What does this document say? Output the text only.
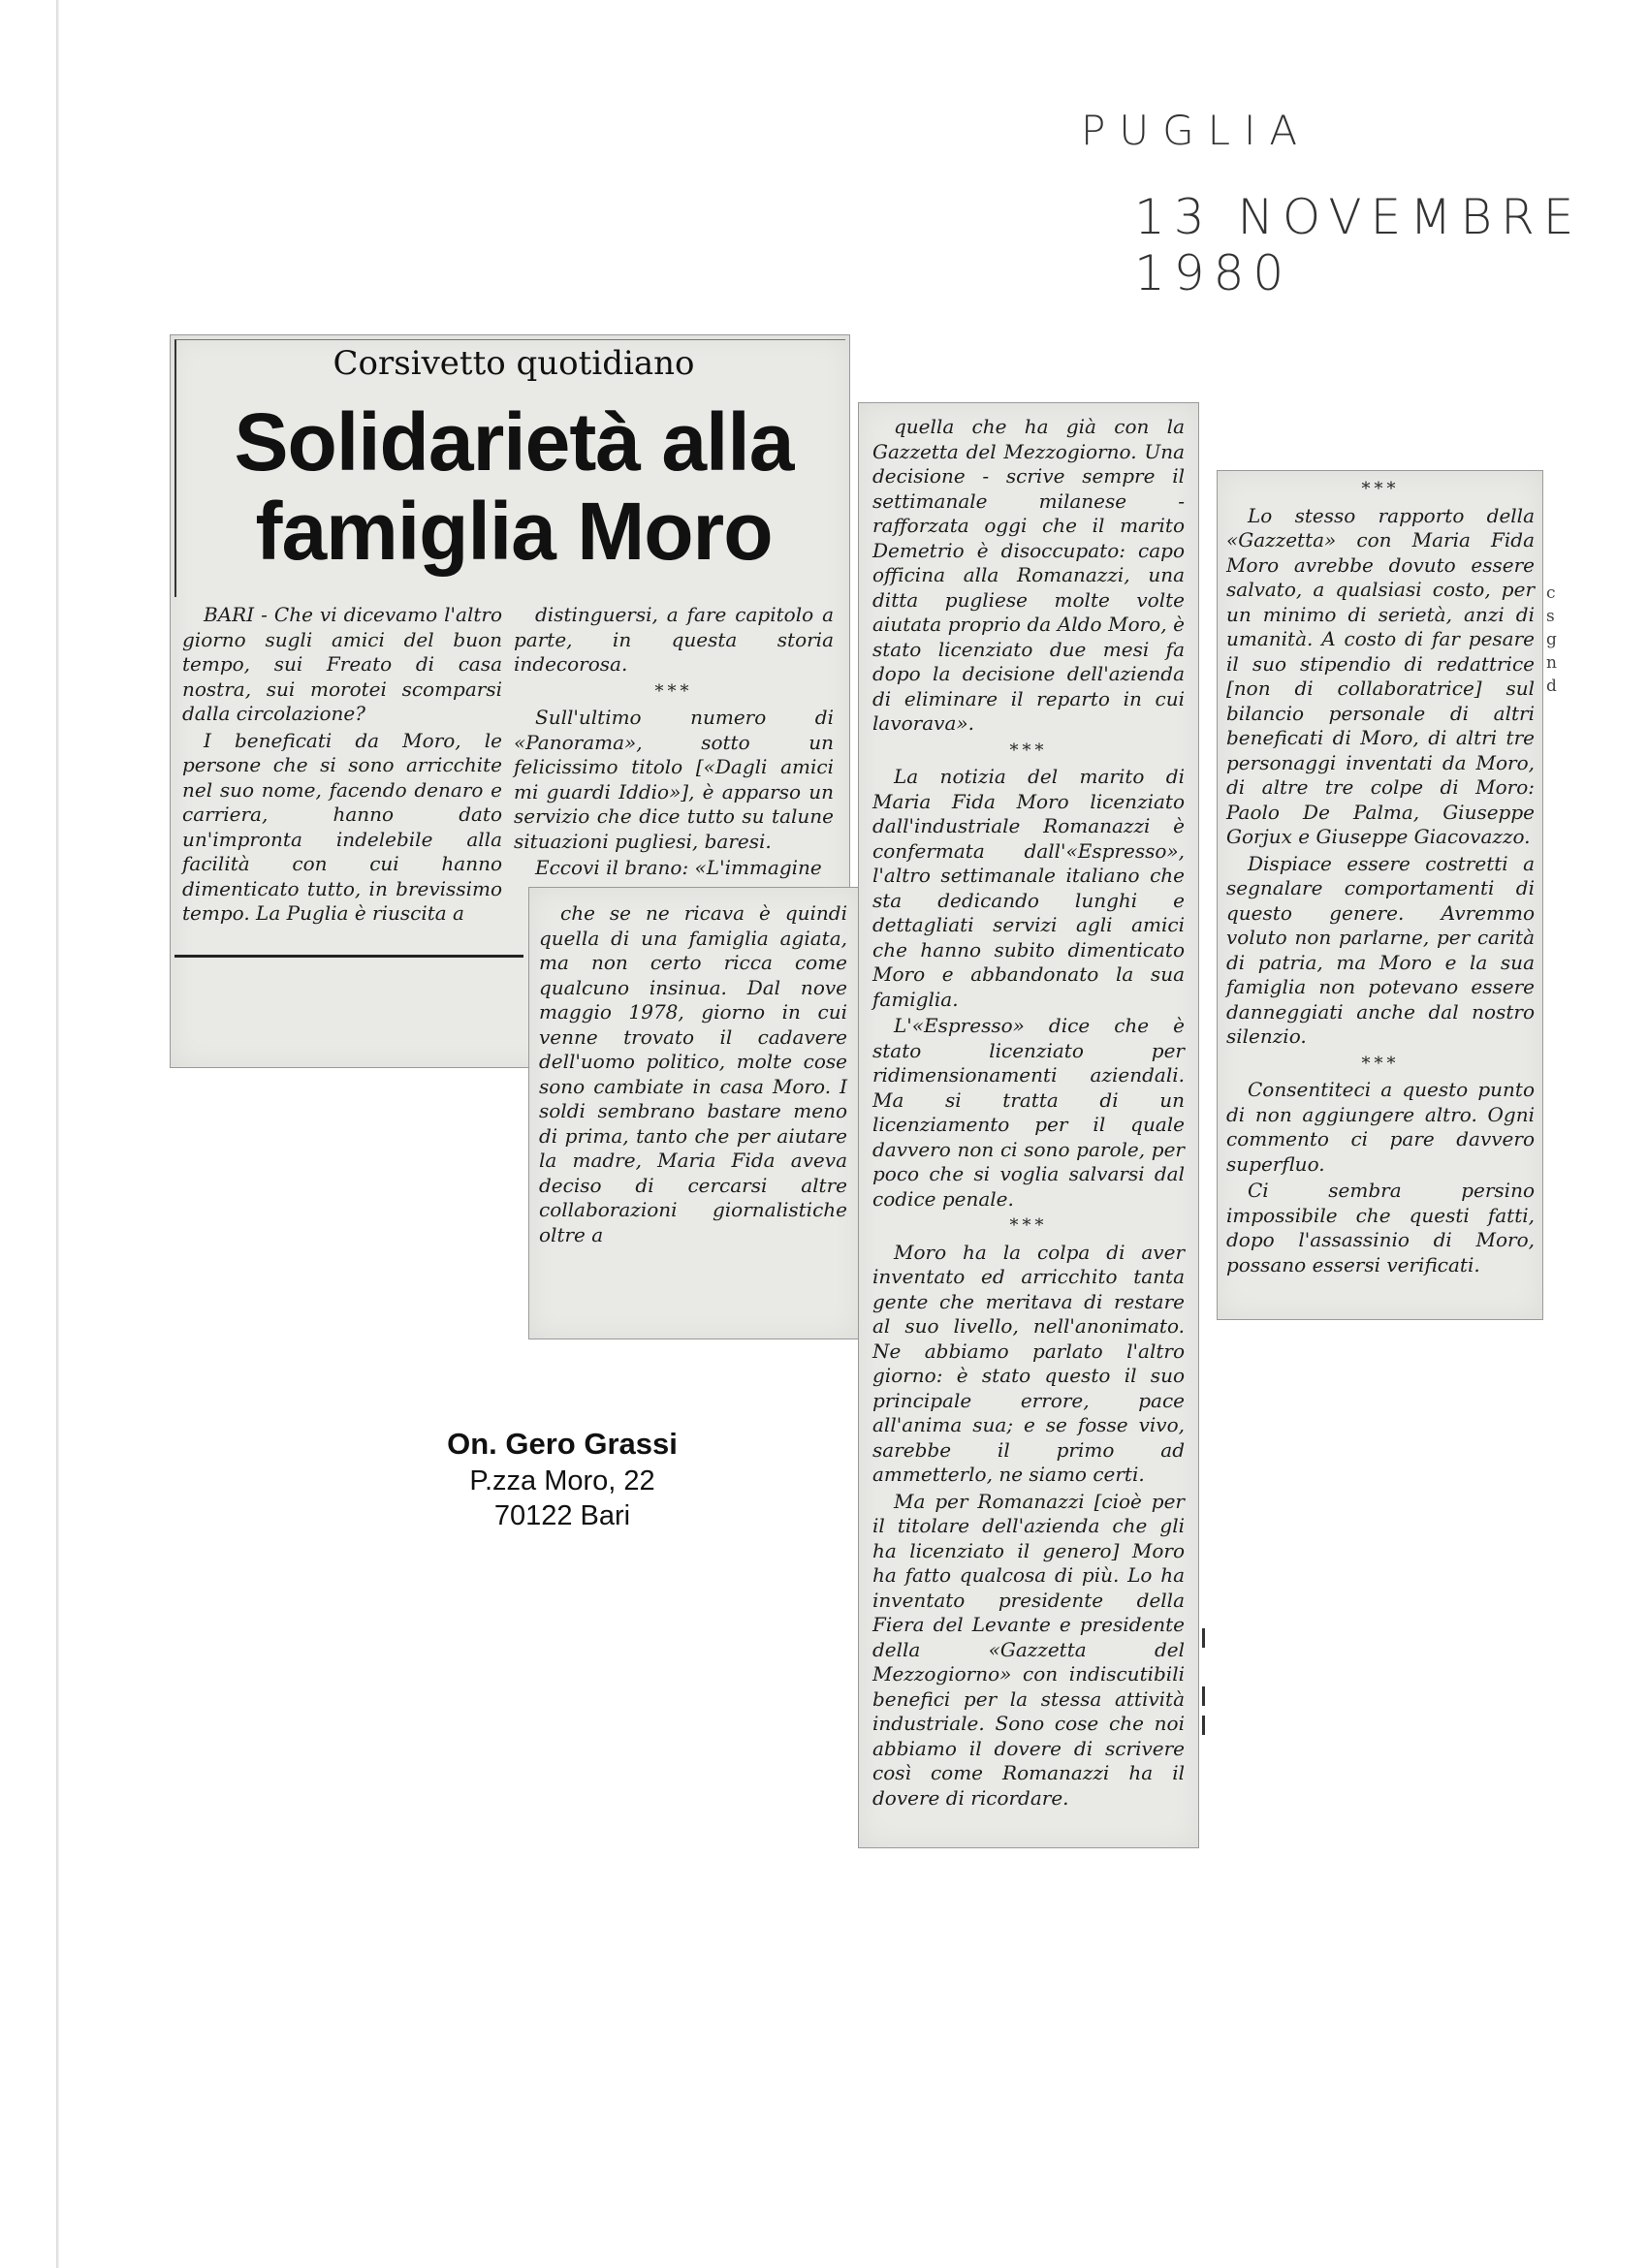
PUGLIA
13 NOVEMBRE 1980
Corsivetto quotidiano
Solidarietà alla
famiglia Moro

BARI - Che vi dicevamo l'altro giorno sugli amici del buon tempo, sui Freato di casa nostra, sui morotei scomparsi dalla circolazione?

I beneficati da Moro, le persone che si sono arricchite nel suo nome, facendo denaro e carriera, hanno dato un'impronta indelebile alla facilità con cui hanno dimenticato tutto, in brevissimo tempo. La Puglia è riuscita a

distinguersi, a fare capitolo a parte, in questa storia indecorosa.

***

Sull'ultimo numero di «Panorama», sotto un felicissimo titolo [«Dagli amici mi guardi Iddio»], è apparso un servizio che dice tutto su talune situazioni pugliesi, baresi.

Eccovi il brano: «L'immagine

che se ne ricava è quindi quella di una famiglia agiata, ma non certo ricca come qualcuno insinua. Dal nove maggio 1978, giorno in cui venne trovato il cadavere dell'uomo politico, molte cose sono cambiate in casa Moro. I soldi sembrano bastare meno di prima, tanto che per aiutare la madre, Maria Fida aveva deciso di cercarsi altre collaborazioni giornalistiche oltre a

quella che ha già con la Gazzetta del Mezzogiorno. Una decisione - scrive sempre il settimanale milanese - rafforzata oggi che il marito Demetrio è disoccupato: capo officina alla Romanazzi, una ditta pugliese molte volte aiutata proprio da Aldo Moro, è stato licenziato due mesi fa dopo la decisione dell'azienda di eliminare il reparto in cui lavorava».

***

La notizia del marito di Maria Fida Moro licenziato dall'industriale Romanazzi è confermata dall'«Espresso», l'altro settimanale italiano che sta dedicando lunghi e dettagliati servizi agli amici che hanno subito dimenticato Moro e abbandonato la sua famiglia.

L'«Espresso» dice che è stato licenziato per ridimensionamenti aziendali. Ma si tratta di un licenziamento per il quale davvero non ci sono parole, per poco che si voglia salvarsi dal codice penale.

***

Moro ha la colpa di aver inventato ed arricchito tanta gente che meritava di restare al suo livello, nell'anonimato. Ne abbiamo parlato l'altro giorno: è stato questo il suo principale errore, pace all'anima sua; e se fosse vivo, sarebbe il primo ad ammetterlo, ne siamo certi.

Ma per Romanazzi [cioè per il titolare dell'azienda che gli ha licenziato il genero] Moro ha fatto qualcosa di più. Lo ha inventato presidente della Fiera del Levante e presidente della «Gazzetta del Mezzogiorno» con indiscutibili benefici per la stessa attività industriale. Sono cose che noi abbiamo il dovere di scrivere così come Romanazzi ha il dovere di ricordare.

***

Lo stesso rapporto della «Gazzetta» con Maria Fida Moro avrebbe dovuto essere salvato, a qualsiasi costo, per un minimo di serietà, anzi di umanità. A costo di far pesare il suo stipendio di redattrice [non di collaboratrice] sul bilancio personale di altri beneficati di Moro, di altri tre personaggi inventati da Moro, di altre tre colpe di Moro: Paolo De Palma, Giuseppe Gorjux e Giuseppe Giacovazzo.

Dispiace essere costretti a segnalare comportamenti di questo genere. Avremmo voluto non parlarne, per carità di patria, ma Moro e la sua famiglia non potevano essere danneggiati anche dal nostro silenzio.

***

Consentiteci a questo punto di non aggiungere altro. Ogni commento ci pare davvero superfluo.

Ci sembra persino impossibile che questi fatti, dopo l'assassinio di Moro, possano essersi verificati.

c
s
g
n
d
On. Gero Grassi
P.zza Moro, 22
70122 Bari
